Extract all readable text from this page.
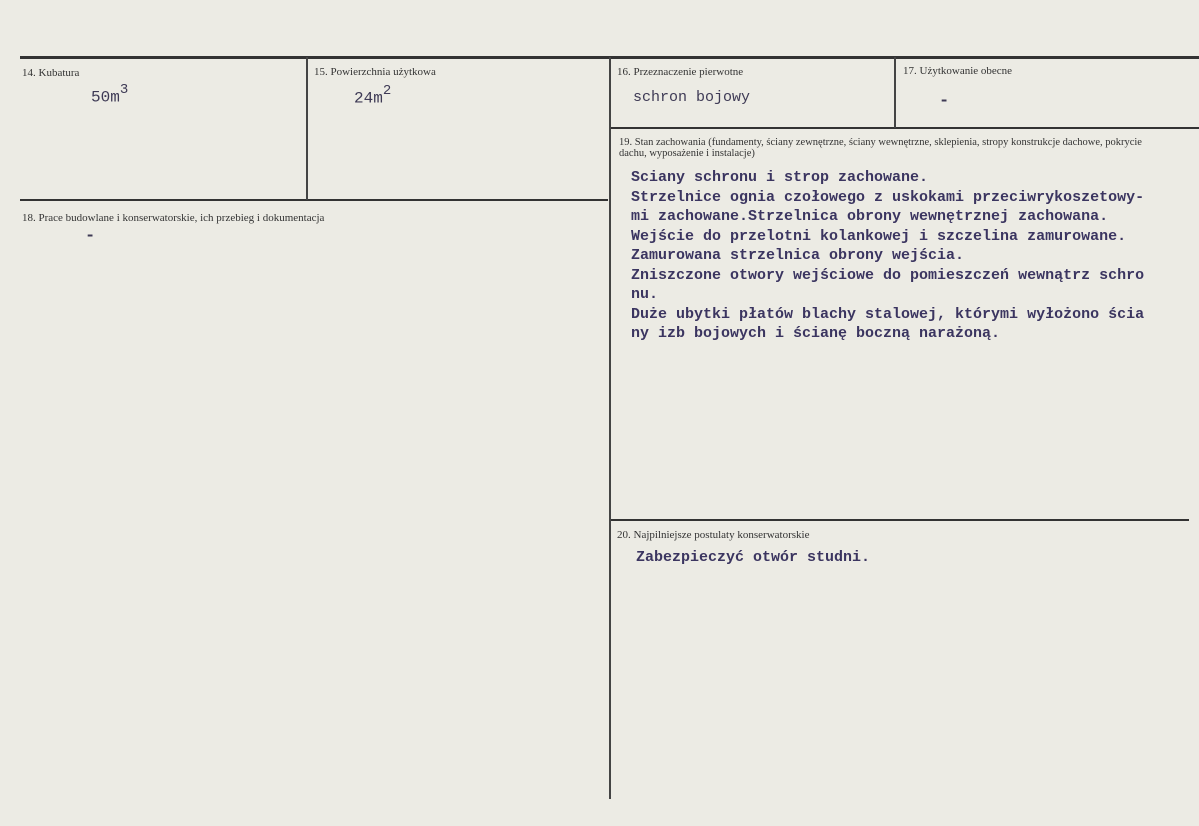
14. Kubatura
$50m^3$
15. Powierzchnia użytkowa
$24m^2$
16. Przeznaczenie pierwotne
schron bojowy
17. Użytkowanie obecne
-
18. Prace budowlane i konserwatorskie, ich przebieg i dokumentacja
-
19. Stan zachowania (fundamenty, ściany zewnętrzne, ściany wewnętrzne, sklepienia, stropy konstrukcje dachowe, pokrycie dachu, wyposażenie i instalacje)
Sciany schronu i strop zachowane.
Strzelnice ognia czołowego z uskokami przeciwrykoszetowy-
mi zachowane.Strzelnica obrony wewnętrznej zachowana.
Wejście do przelotni kolankowej i szczelina zamurowane.
Zamurowana strzelnica obrony wejścia.
Zniszczone otwory wejściowe do pomieszczeń wewnątrz schro
nu.
Duże ubytki płatów blachy stalowej, którymi wyłożono ścia
ny izb bojowych i ścianę boczną narażoną.
20. Najpilniejsze postulaty konserwatorskie
Zabezpieczyć otwór studni.
